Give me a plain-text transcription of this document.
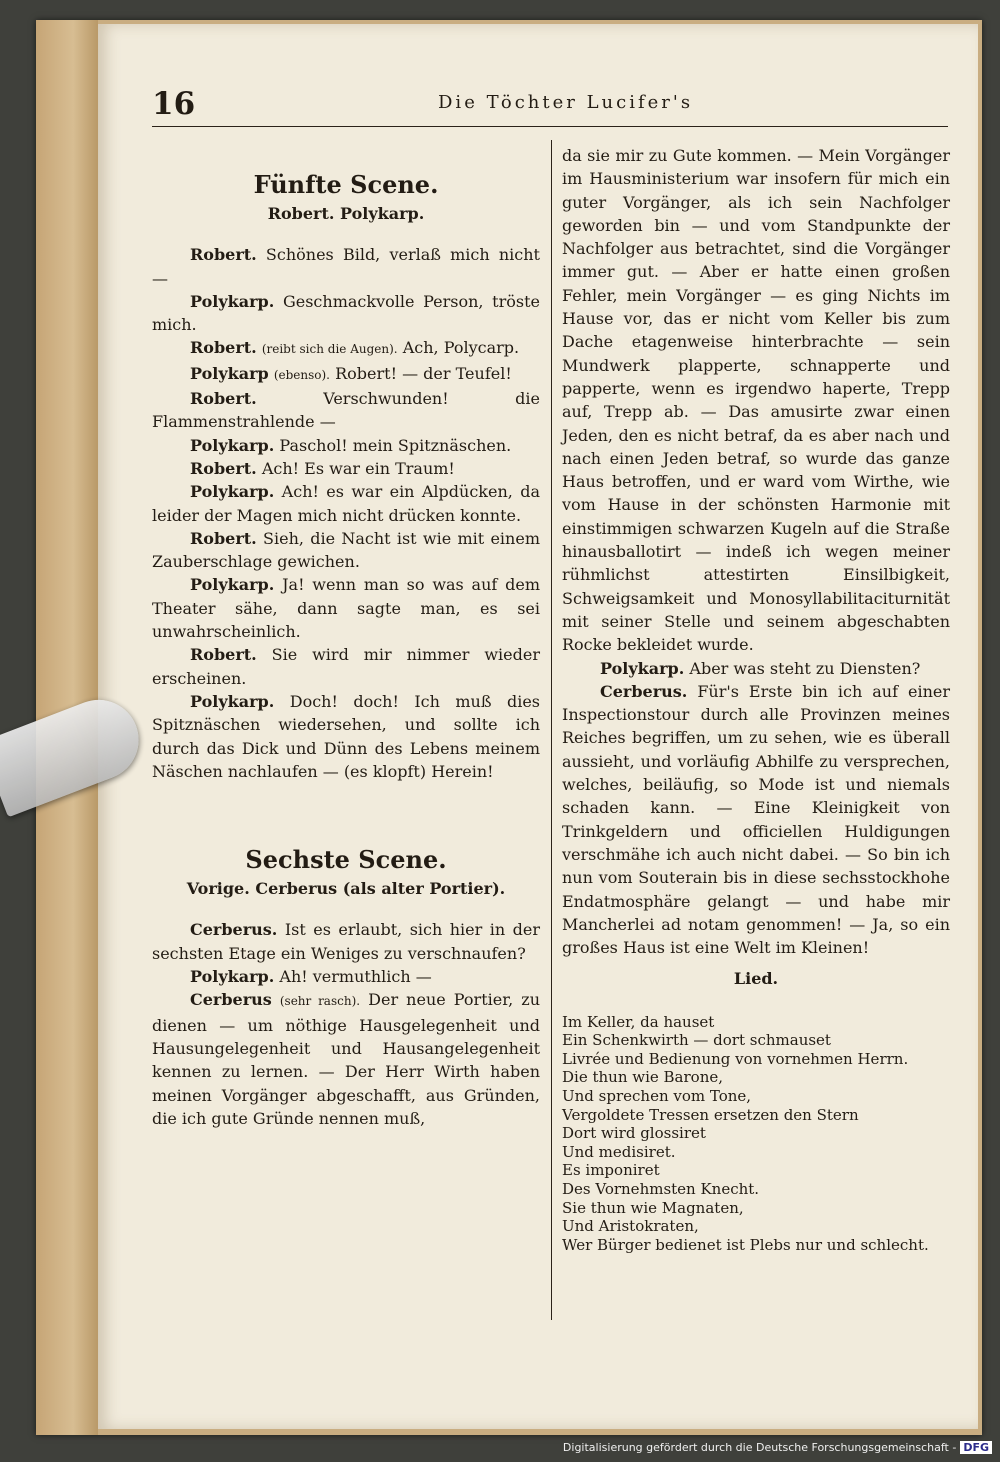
16	Die Töchter Lucifer's
Fünfte Scene.
Robert. Polykarp.

Robert. Schönes Bild, verlaß mich nicht —

Polykarp. Geschmackvolle Person, tröste mich.

Robert. (reibt sich die Augen). Ach, Polycarp.

Polykarp (ebenso). Robert! — der Teufel!

Robert.	Verschwunden! die Flammenstrahlende —

Polykarp. Paschol! mein Spitznäschen.

Robert. Ach! Es war ein Traum!

Polykarp. Ach! es war ein Alpdücken, da leider der Magen mich nicht drücken konnte.

Robert. Sieh, die Nacht ist wie mit einem Zauberschlage gewichen.

Polykarp. Ja! wenn man so was auf dem Theater sähe, dann sagte man, es sei unwahrscheinlich.

Robert. Sie wird mir nimmer wieder erscheinen.

Polykarp. Doch! doch! Ich muß dies Spitznäschen wiedersehen, und sollte ich durch das Dick und Dünn des Lebens meinem Näschen nachlaufen — (es klopft) Herein!

Sechste Scene.
Vorige. Cerberus (als alter Portier).

Cerberus. Ist es erlaubt, sich hier in der sechsten Etage ein Weniges zu verschnaufen?

Polykarp. Ah! vermuthlich —

Cerberus (sehr rasch). Der neue Portier, zu dienen — um nöthige Hausgelegenheit und Hausungelegenheit und Hausangelegenheit kennen zu lernen. — Der Herr Wirth haben meinen Vorgänger abgeschafft, aus Gründen, die ich gute Gründe nennen muß,

da sie mir zu Gute kommen. — Mein Vorgänger im Hausministerium war insofern für mich ein guter Vorgänger, als ich sein Nachfolger geworden bin — und vom Standpunkte der Nachfolger aus betrachtet, sind die Vorgänger immer gut. — Aber er hatte einen großen Fehler, mein Vorgänger — es ging Nichts im Hause vor, das er nicht vom Keller bis zum Dache etagenweise hinterbrachte — sein Mundwerk plapperte, schnapperte und papperte, wenn es irgendwo haperte, Trepp auf, Trepp ab. — Das amusirte zwar einen Jeden, den es nicht betraf, da es aber nach und nach einen Jeden betraf, so wurde das ganze Haus betroffen, und er ward vom Wirthe, wie vom Hause in der schönsten Harmonie mit einstimmigen schwarzen Kugeln auf die Straße hinausballotirt — indeß ich wegen meiner rühmlichst attestirten Einsilbigkeit, Schweigsamkeit und Monosyllabilitaciturnität mit seiner Stelle und seinem abgeschabten Rocke bekleidet wurde.

Polykarp. Aber was steht zu Diensten?

Cerberus. Für's Erste bin ich auf einer Inspectionstour durch alle Provinzen meines Reiches begriffen, um zu sehen, wie es überall aussieht, und vorläufig Abhilfe zu versprechen, welches, beiläufig, so Mode ist und niemals schaden kann. — Eine Kleinigkeit von Trinkgeldern und officiellen Huldigungen verschmähe ich auch nicht dabei. — So bin ich nun vom Souterain bis in diese sechsstockhohe Endatmosphäre gelangt — und habe mir Mancherlei ad notam genommen! — Ja, so ein großes Haus ist eine Welt im Kleinen!

Lied.
Im Keller, da hauset
Ein Schenkwirth — dort schmauset
Livrée und Bedienung von vornehmen Herrn.
Die thun wie Barone,
Und sprechen vom Tone,
Vergoldete Tressen ersetzen den Stern
Dort wird glossiret
Und medisiret.
Es imponiret
Des Vornehmsten Knecht.
Sie thun wie Magnaten,
Und Aristokraten,
Wer Bürger bedienet ist Plebs nur und schlecht.
Digitalisierung gefördert durch die Deutsche Forschungsgemeinschaft - DFG
